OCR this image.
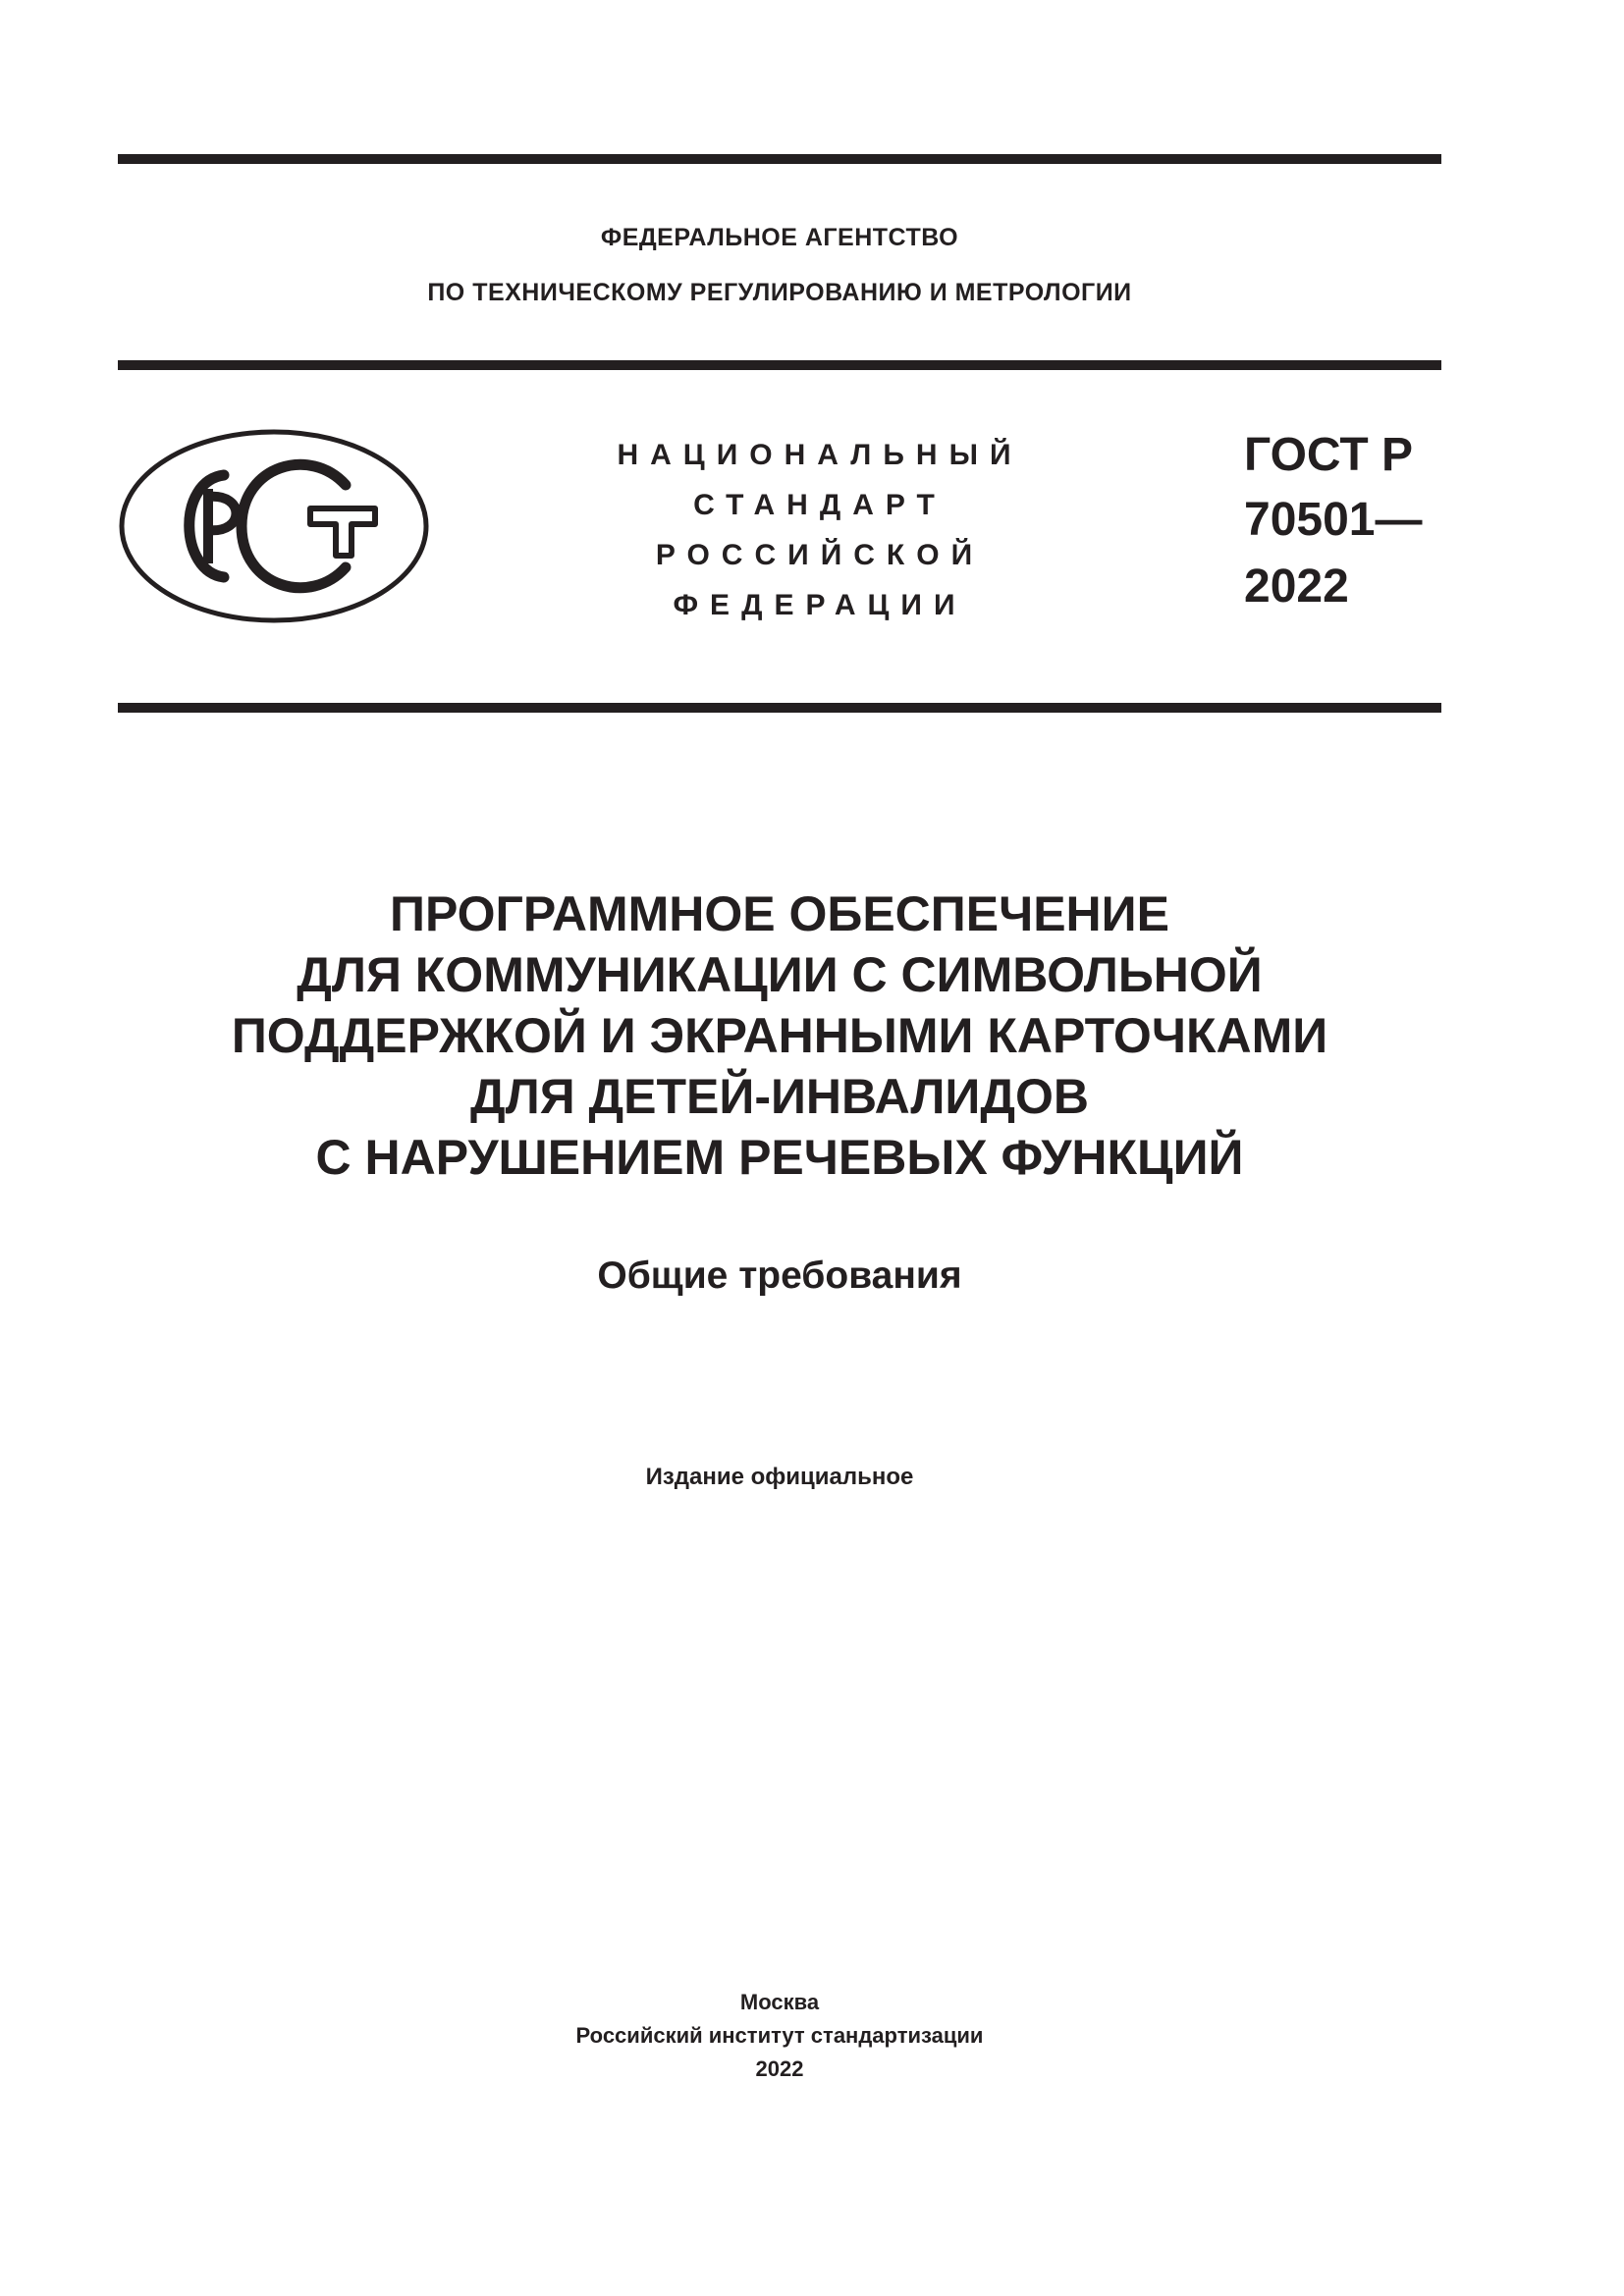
ФЕДЕРАЛЬНОЕ АГЕНТСТВО
ПО ТЕХНИЧЕСКОМУ РЕГУЛИРОВАНИЮ И МЕТРОЛОГИИ
НАЦИОНАЛЬНЫЙ
СТАНДАРТ
РОССИЙСКОЙ
ФЕДЕРАЦИИ
ГОСТ Р
70501—
2022
ПРОГРАММНОЕ ОБЕСПЕЧЕНИЕ
ДЛЯ КОММУНИКАЦИИ С СИМВОЛЬНОЙ
ПОДДЕРЖКОЙ И ЭКРАННЫМИ КАРТОЧКАМИ
ДЛЯ ДЕТЕЙ-ИНВАЛИДОВ
С НАРУШЕНИЕМ РЕЧЕВЫХ ФУНКЦИЙ
Общие требования
Издание официальное
Москва
Российский институт стандартизации
2022
